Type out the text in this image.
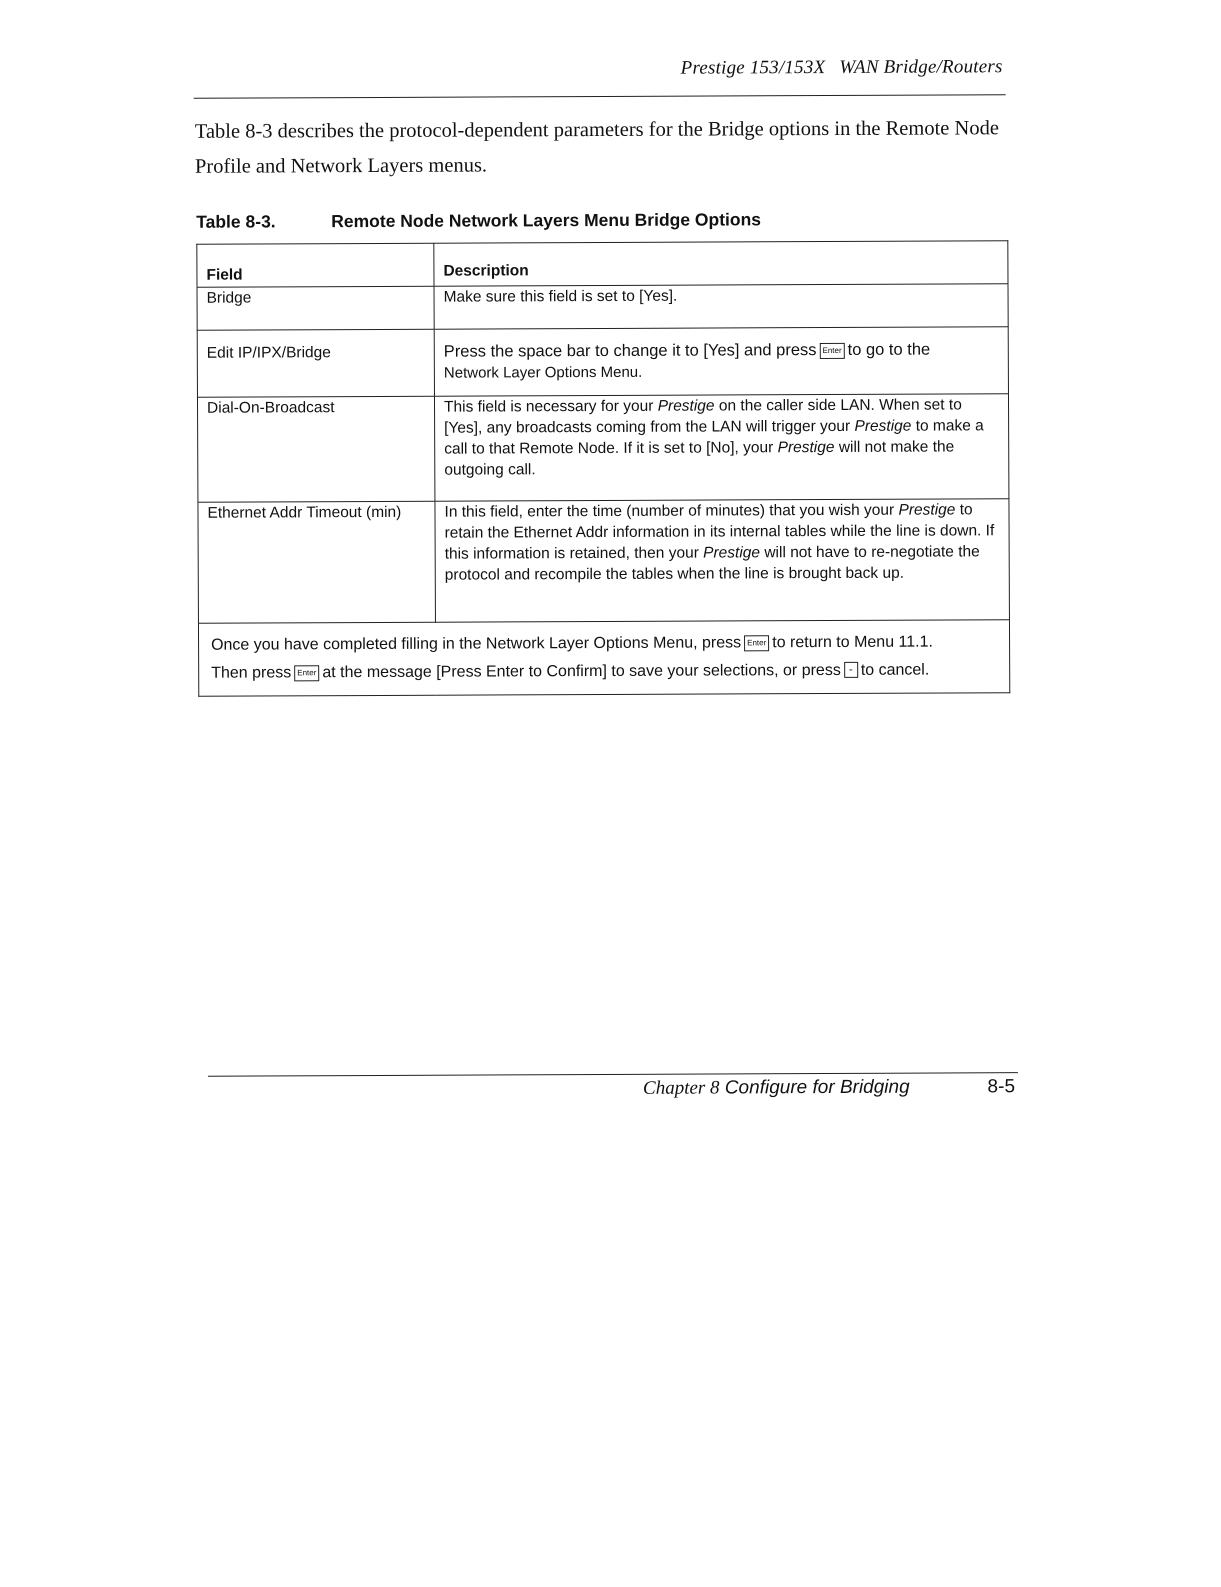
Prestige 153/153X WAN Bridge/Routers
Table 8-3 describes the protocol-dependent parameters for the Bridge options in the Remote Node Profile and Network Layers menus.
Table 8-3.	Remote Node Network Layers Menu Bridge Options
Field	Description

Bridge	Make sure this field is set to [Yes].

Edit IP/IPX/Bridge	Press the space bar to change it to [Yes] and press Enter to go to the
Network Layer Options Menu.

Dial-On-Broadcast	This field is necessary for your Prestige on the caller side LAN. When set to [Yes], any broadcasts coming from the LAN will trigger your Prestige to make a call to that Remote Node. If it is set to [No], your Prestige will not make the outgoing call.

Ethernet Addr Timeout (min)	In this field, enter the time (number of minutes) that you wish your Prestige to retain the Ethernet Addr information in its internal tables while the line is down. If this information is retained, then your Prestige will not have to re-negotiate the protocol and recompile the tables when the line is brought back up.

Once you have completed filling in the Network Layer Options Menu, press Enter to return to Menu 11.1.
Then press Enter at the message [Press Enter to Confirm] to save your selections, or press - to cancel.	
Chapter 8 Configure for Bridging	8-5
